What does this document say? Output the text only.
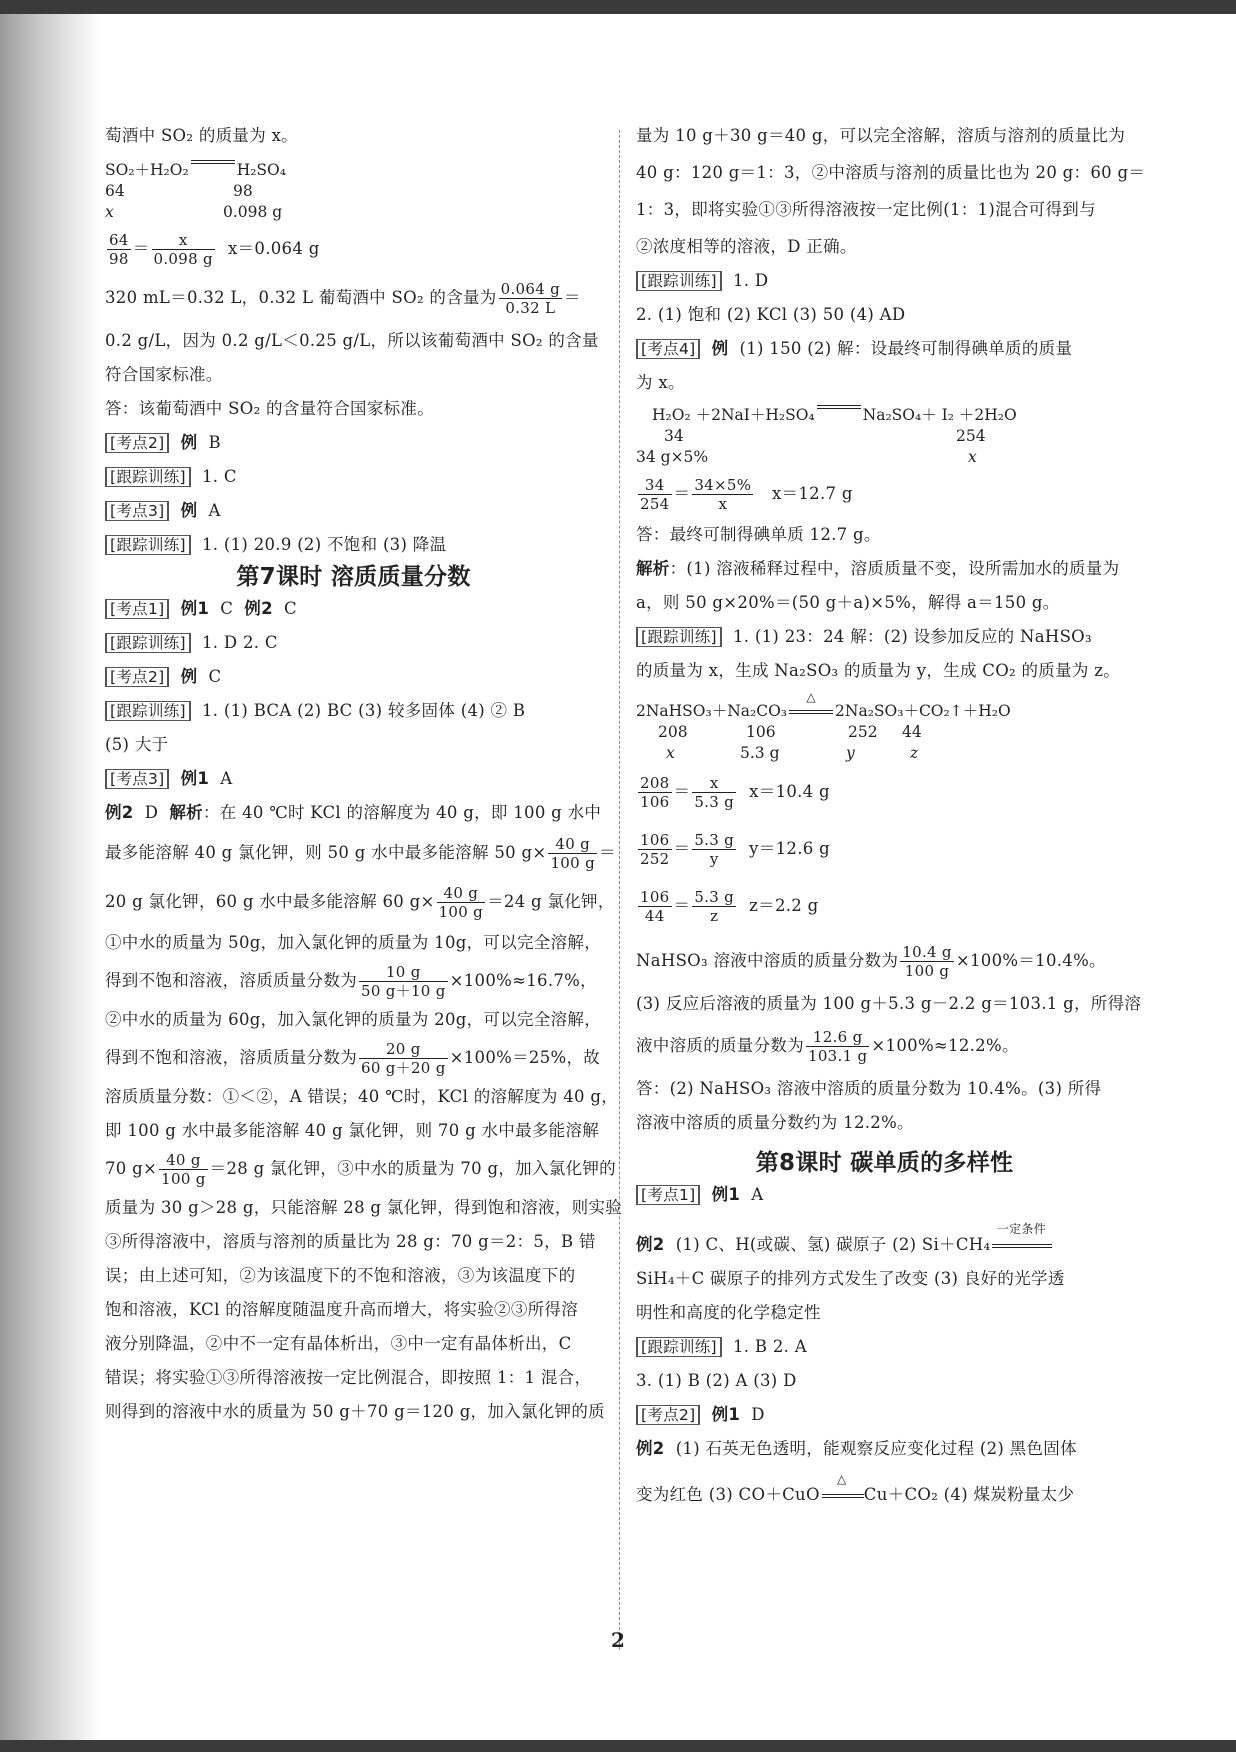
萄酒中 SO₂ 的质量为 x。

SO₂＋H₂O₂	H₂SO₄
64	98
x	0.098 g

$\frac{64}{98} = \frac{x}{0.098 g} x=0.064$ g

320 mL＝0.32 L，0.32 L 葡萄酒中 SO₂ 的含量为 $\frac{0.064 g}{0.32 L}$ ＝

0.2 g/L，因为 0.2 g/L＜0.25 g/L，所以该葡萄酒中 SO₂ 的含量

符合国家标准。

答：该葡萄酒中 SO₂ 的含量符合国家标准。

[考点2] 例 B

[跟踪训练] 1. C

[考点3] 例 A

[跟踪训练] 1. (1) 20.9 (2) 不饱和 (3) 降温

第7课时 溶质质量分数

[考点1] 例1 C 例2 C

[跟踪训练] 1. D 2. C

[考点2] 例 C

[跟踪训练] 1. (1) BCA (2) BC (3) 较多固体 (4) ② B

(5) 大于

[考点3] 例1 A

例2 D 解析：在 40 ℃时 KCl 的溶解度为 40 g，即 100 g 水中

最多能溶解 40 g 氯化钾，则 50 g 水中最多能溶解 50 $g\times \frac{40 g}{100 g}$ ＝

20 g 氯化钾，60 g 水中最多能溶解 60 $g\times \frac{40 g}{100 g} =24$ g 氯化钾，

①中水的质量为 50g，加入氯化钾的质量为 10g，可以完全溶解，

得到不饱和溶液，溶质质量分数为 $\frac{10 g}{50 g+10 g} \times 100\%\approx 16.7\%$，

②中水的质量为 60g，加入氯化钾的质量为 20g，可以完全溶解，

得到不饱和溶液，溶质质量分数为 $\frac{20 g}{60 g+20 g} \times 100\%=25\%$，故

溶质质量分数：①＜②，A 错误；40 ℃时，KCl 的溶解度为 40 g，

即 100 g 水中最多能溶解 40 g 氯化钾，则 70 g 水中最多能溶解

70 $g\times \frac{40 g}{100 g} =28$ g 氯化钾，③中水的质量为 70 g，加入氯化钾的

质量为 30 g＞28 g，只能溶解 28 g 氯化钾，得到饱和溶液，则实验

③所得溶液中，溶质与溶剂的质量比为 28 g：70 g＝2：5，B 错

误；由上述可知，②为该温度下的不饱和溶液，③为该温度下的

饱和溶液，KCl 的溶解度随温度升高而增大，将实验②③所得溶

液分别降温，②中不一定有晶体析出，③中一定有晶体析出，C

错误；将实验①③所得溶液按一定比例混合，即按照 1：1 混合，

则得到的溶液中水的质量为 50 g＋70 g＝120 g，加入氯化钾的质

量为 10 g＋30 g＝40 g，可以完全溶解，溶质与溶剂的质量比为

40 g：120 g＝1：3，②中溶质与溶剂的质量比也为 20 g：60 g＝

1：3，即将实验①③所得溶液按一定比例(1：1)混合可得到与

②浓度相等的溶液，D 正确。

[跟踪训练] 1. D

2. (1) 饱和 (2) KCl (3) 50 (4) AD

[考点4] 例 (1) 150 (2) 解：设最终可制得碘单质的质量

为 x。

H₂O₂ ＋2NaI＋H₂SO₄	Na₂SO₄＋ I₂ ＋2H₂O
34	254
34 g×5%	x

$\frac{34}{254} = \frac{34\times 5\%}{x} x=12.7$ g

答：最终可制得碘单质 12.7 g。

解析：(1) 溶液稀释过程中，溶质质量不变，设所需加水的质量为

a，则 50 g×20%＝(50 g＋a)×5%，解得 a＝150 g。

[跟踪训练] 1. (1) 23：24 解：(2) 设参加反应的 NaHSO₃

的质量为 x，生成 Na₂SO₃ 的质量为 y，生成 CO₂ 的质量为 z。

2NaHSO₃＋Na₂CO₃
△
2Na₂SO₃＋CO₂↑＋H₂O
208	106	252	44
x	5.3 g	y	z

$\frac{208}{106} = \frac{x}{5.3 g} x=10.4$ g

$\frac{106}{252} = \frac{5.3 g}{y} y=12.6$ g

$\frac{106}{44} = \frac{5.3 g}{z} z=2.2$ g

NaHSO₃ 溶液中溶质的质量分数为 $\frac{10.4 g}{100 g} \times 100\%=10.4\%$。

(3) 反应后溶液的质量为 100 g＋5.3 g－2.2 g＝103.1 g，所得溶

液中溶质的质量分数为 $\frac{12.6 g}{103.1 g} \times 100\%\approx 12.2\%$。

答：(2) NaHSO₃ 溶液中溶质的质量分数为 10.4%。(3) 所得

溶液中溶质的质量分数约为 12.2%。

第8课时 碳单质的多样性

[考点1] 例1 A

例2 (1) C、H(或碳、氢) 碳原子 (2) Si＋CH₄
一定条件

SiH₄＋C 碳原子的排列方式发生了改变 (3) 良好的光学透

明性和高度的化学稳定性

[跟踪训练] 1. B 2. A

3. (1) B (2) A (3) D

[考点2] 例1 D

例2 (1) 石英无色透明，能观察反应变化过程 (2) 黑色固体

变为红色 (3) CO＋CuO
△
Cu＋CO₂ (4) 煤炭粉量太少

2
